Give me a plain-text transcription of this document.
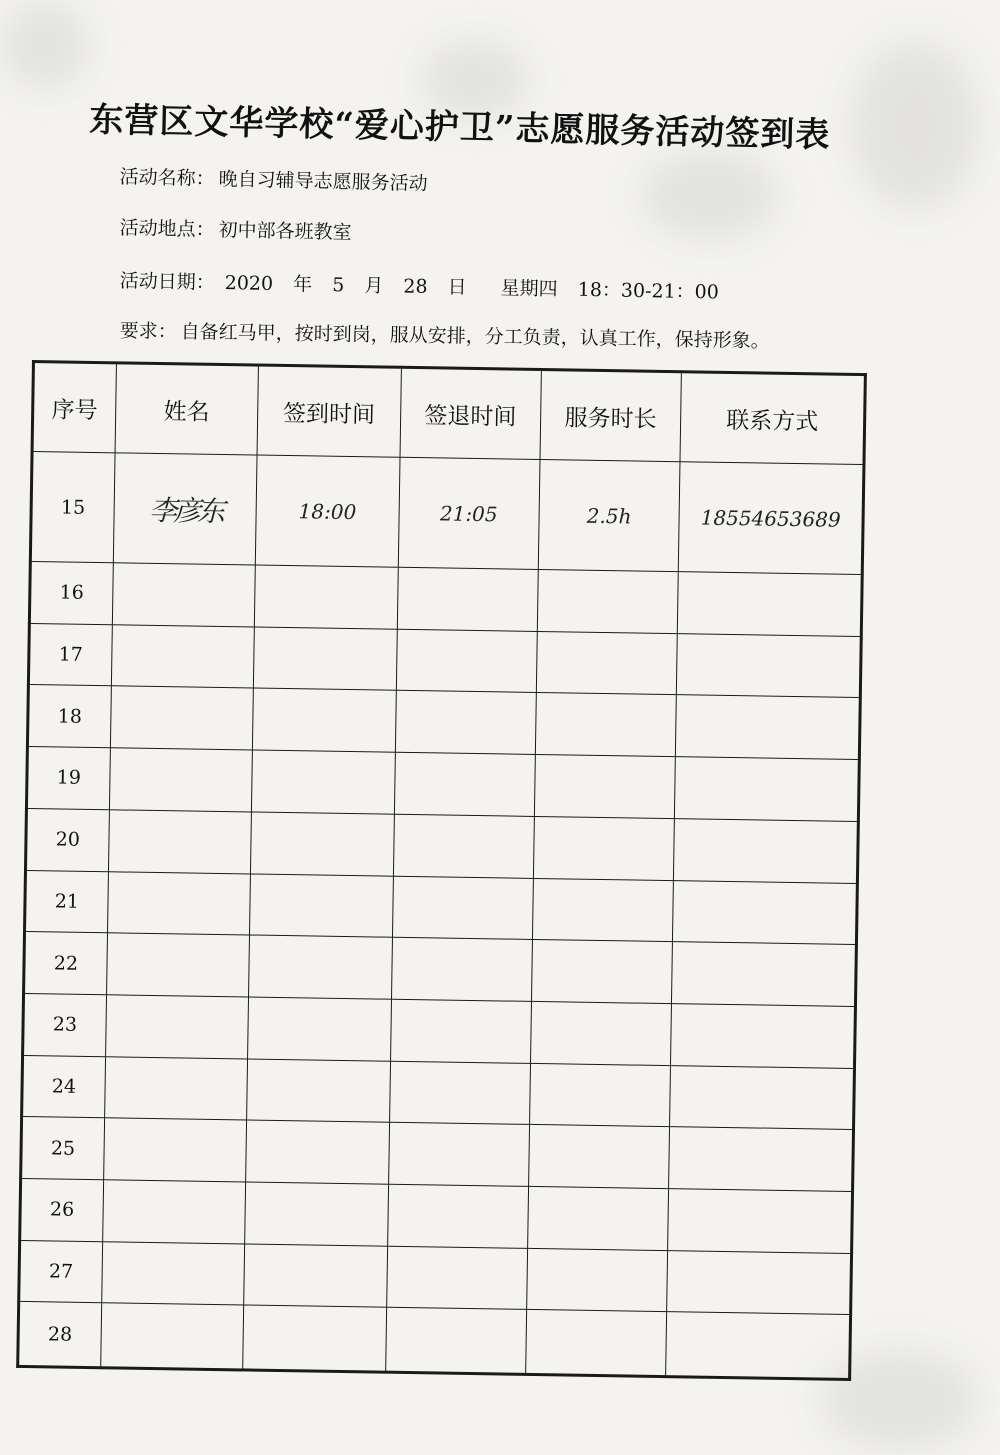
东营区文华学校“爱心护卫”志愿服务活动签到表
活动名称： 晚自习辅导志愿服务活动
活动地点： 初中部各班教室
活动日期： 2020 年 5 月 28 日 星期四 18：30-21：00
要求： 自备红马甲，按时到岗，服从安排，分工负责，认真工作，保持形象。
序号	姓名	签到时间	签退时间	服务时长	联系方式
15	李彦东	18:00	21:05	2.5h	18554653689
16					
17					
18					
19					
20					
21					
22					
23					
24					
25					
26					
27					
28					
